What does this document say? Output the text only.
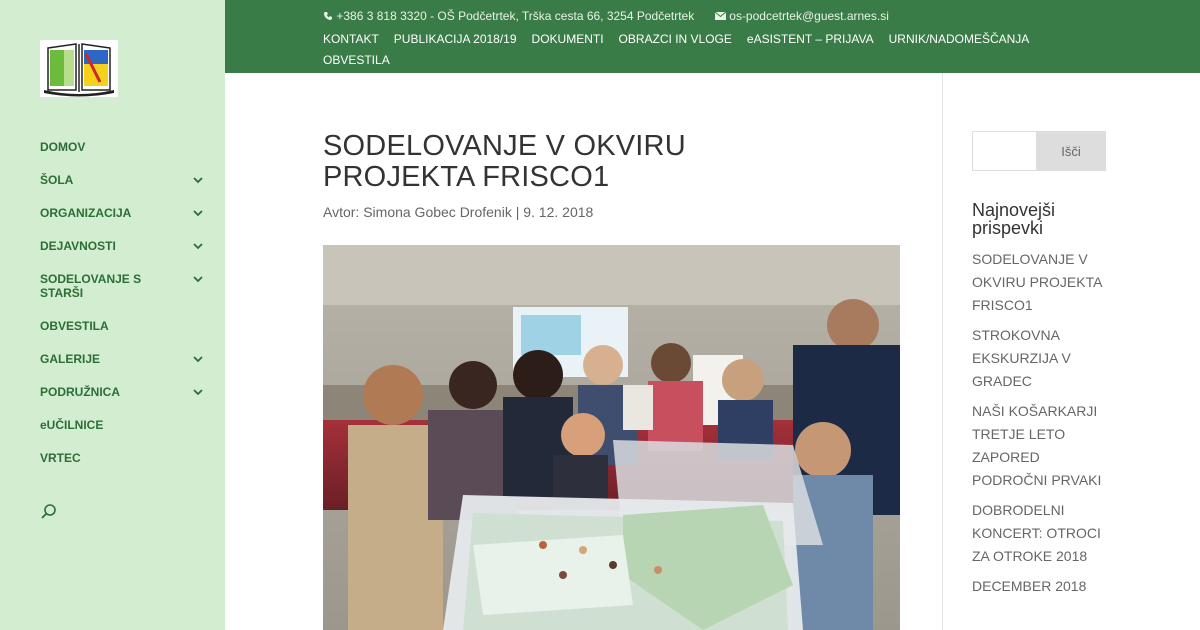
DOMOV
ŠOLA
ORGANIZACIJA
DEJAVNOSTI
SODELOVANJE S STARŠI
OBVESTILA
GALERIJE
PODRUŽNICA
eUČILNICE
VRTEC
+386 3 818 3320 - OŠ Podčetrtek, Trška cesta 66, 3254 Podčetrtek	os-podcetrtek@guest.arnes.si
KONTAKT PUBLIKACIJA 2018/19 DOKUMENTI OBRAZCI IN VLOGE eASISTENT – PRIJAVA URNIK/NADOMEŠČANJAOBVESTILA
SODELOVANJE V OKVIRU PROJEKTA FRISCO1
Avtor: Simona Gobec Drofenik | 9. 12. 2018
Išči
Najnovejši prispevki
SODELOVANJE V OKVIRU PROJEKTA FRISCO1
STROKOVNA EKSKURZIJA V GRADEC
NAŠI KOŠARKARJI TRETJE LETO ZAPORED PODROČNI PRVAKI
DOBRODELNI KONCERT: OTROCI ZA OTROKE 2018
DECEMBER 2018
